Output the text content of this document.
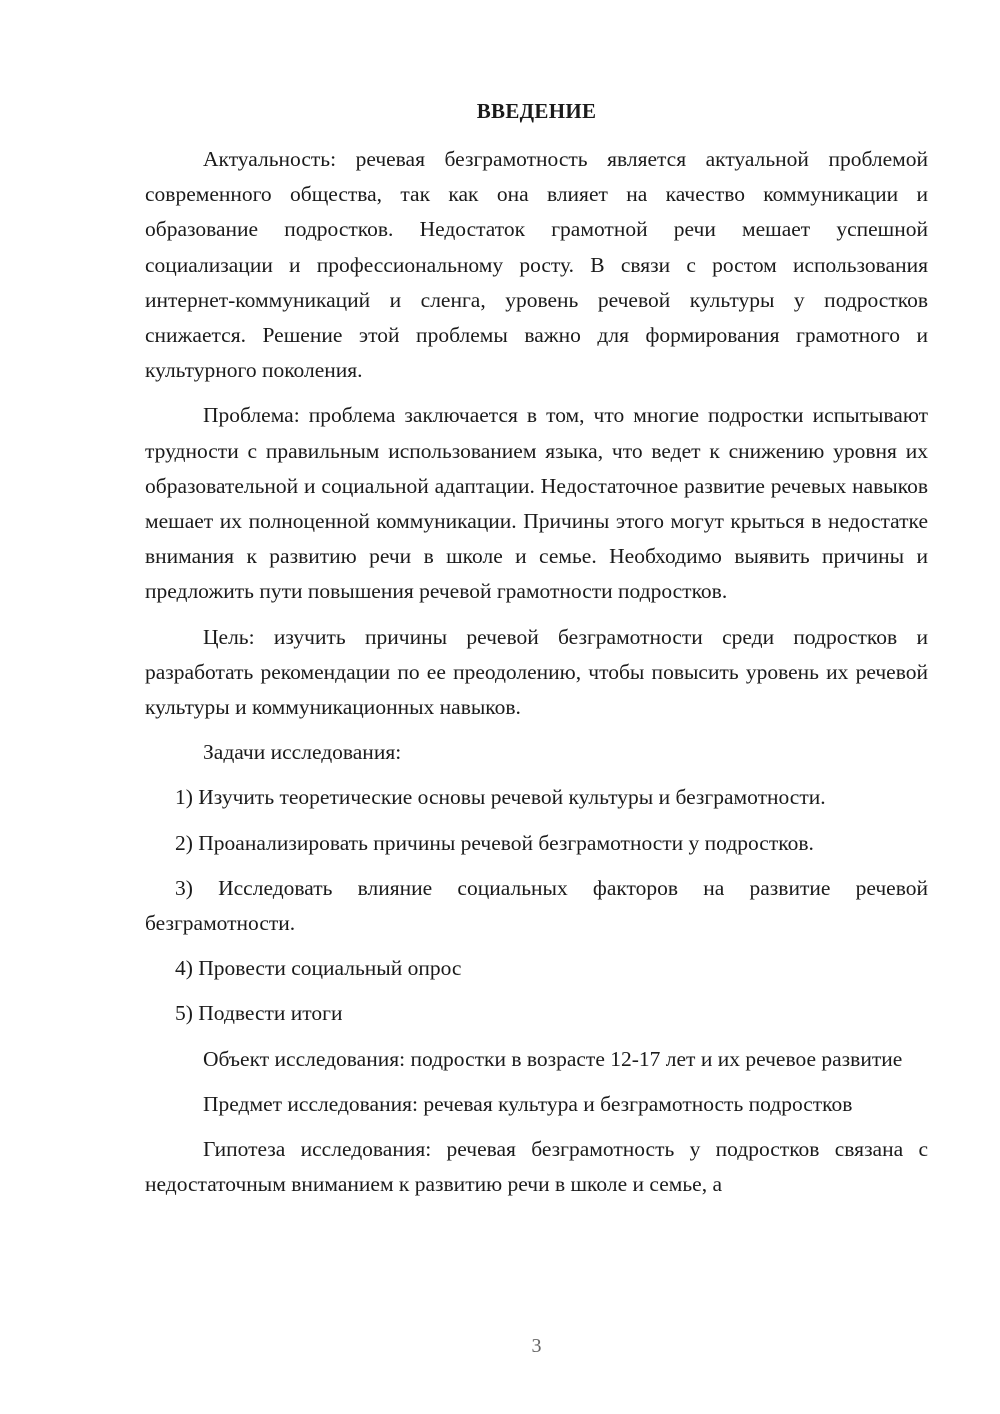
ВВЕДЕНИЕ

Актуальность: речевая безграмотность является актуальной проблемой современного общества, так как она влияет на качество коммуникации и образование подростков. Недостаток грамотной речи мешает успешной социализации и профессиональному росту. В связи с ростом использования интернет-коммуникаций и сленга, уровень речевой культуры у подростков снижается. Решение этой проблемы важно для формирования грамотного и культурного поколения.

Проблема: проблема заключается в том, что многие подростки испытывают трудности с правильным использованием языка, что ведет к снижению уровня их образовательной и социальной адаптации. Недостаточное развитие речевых навыков мешает их полноценной коммуникации. Причины этого могут крыться в недостатке внимания к развитию речи в школе и семье. Необходимо выявить причины и предложить пути повышения речевой грамотности подростков.

Цель: изучить причины речевой безграмотности среди подростков и разработать рекомендации по ее преодолению, чтобы повысить уровень их речевой культуры и коммуникационных навыков.

Задачи исследования:

1) Изучить теоретические основы речевой культуры и безграмотности.

2) Проанализировать причины речевой безграмотности у подростков.

3) Исследовать влияние социальных факторов на развитие речевой безграмотности.

4) Провести социальный опрос

5) Подвести итоги

Объект исследования: подростки в возрасте 12-17 лет и их речевое развитие

Предмет исследования: речевая культура и безграмотность подростков

Гипотеза исследования: речевая безграмотность у подростков связана с недостаточным вниманием к развитию речи в школе и семье, а

3
